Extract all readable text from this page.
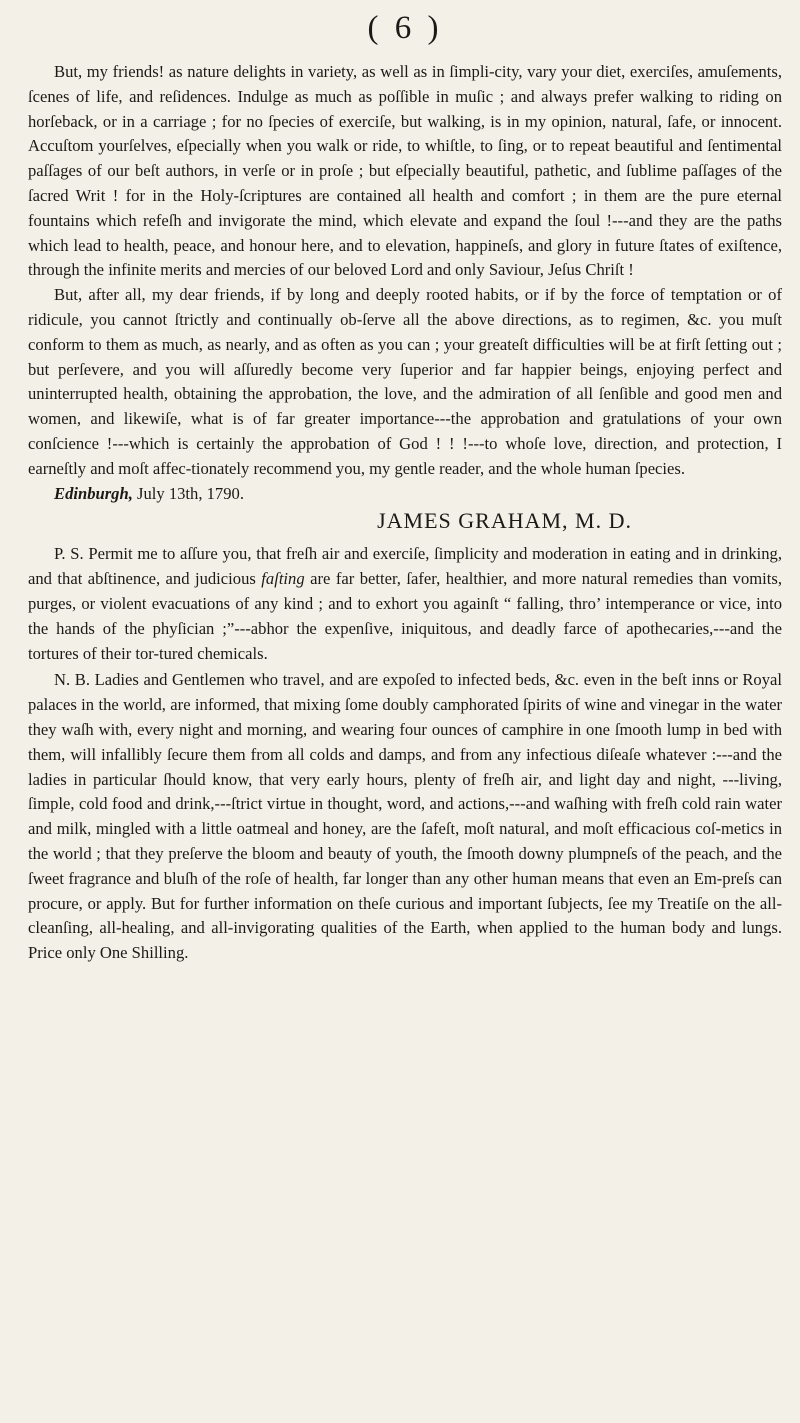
( 6 )

But, my friends! as nature delights in variety, as well as in ſimpli-city, vary your diet, exerciſes, amuſements, ſcenes of life, and reſidences. Indulge as much as poſſible in muſic ; and always prefer walking to riding on horſeback, or in a carriage ; for no ſpecies of exerciſe, but walking, is in my opinion, natural, ſafe, or innocent. Accuſtom yourſelves, eſpecially when you walk or ride, to whiſtle, to ſing, or to repeat beautiful and ſentimental paſſages of our beſt authors, in verſe or in proſe ; but eſpecially beautiful, pathetic, and ſublime paſſages of the ſacred Writ ! for in the Holy-ſcriptures are contained all health and comfort ; in them are the pure eternal fountains which refeſh and invigorate the mind, which elevate and expand the ſoul !---and they are the paths which lead to health, peace, and honour here, and to elevation, happineſs, and glory in future ſtates of exiſtence, through the infinite merits and mercies of our beloved Lord and only Saviour, Jeſus Chriſt !

But, after all, my dear friends, if by long and deeply rooted habits, or if by the force of temptation or of ridicule, you cannot ſtrictly and continually ob-ſerve all the above directions, as to regimen, &c. you muſt conform to them as much, as nearly, and as often as you can ; your greateſt difficulties will be at firſt ſetting out ; but perſevere, and you will aſſuredly become very ſuperior and far happier beings, enjoying perfect and uninterrupted health, obtaining the approbation, the love, and the admiration of all ſenſible and good men and women, and likewiſe, what is of far greater importance---the approbation and gratulations of your own conſcience !---which is certainly the approbation of God ! ! !---to whoſe love, direction, and protection, I earneſtly and moſt affec-tionately recommend you, my gentle reader, and the whole human ſpecies.

Edinburgh, July 13th, 1790.

JAMES GRAHAM, M. D.

P. S. Permit me to aſſure you, that freſh air and exerciſe, ſimplicity and moderation in eating and in drinking, and that abſtinence, and judicious faſting are far better, ſafer, healthier, and more natural remedies than vomits, purges, or violent evacuations of any kind ; and to exhort you againſt “ falling, thro’ intemperance or vice, into the hands of the phyſician ;”---abhor the expenſive, iniquitous, and deadly farce of apothecaries,---and the tortures of their tor-tured chemicals.

N. B. Ladies and Gentlemen who travel, and are expoſed to infected beds, &c. even in the beſt inns or Royal palaces in the world, are informed, that mixing ſome doubly camphorated ſpirits of wine and vinegar in the water they waſh with, every night and morning, and wearing four ounces of camphire in one ſmooth lump in bed with them, will infallibly ſecure them from all colds and damps, and from any infectious diſeaſe whatever :---and the ladies in particular ſhould know, that very early hours, plenty of freſh air, and light day and night, ---living, ſimple, cold food and drink,---ſtrict virtue in thought, word, and actions,---and waſhing with freſh cold rain water and milk, mingled with a little oatmeal and honey, are the ſafeſt, moſt natural, and moſt efficacious coſ-metics in the world ; that they preſerve the bloom and beauty of youth, the ſmooth downy plumpneſs of the peach, and the ſweet fragrance and bluſh of the roſe of health, far longer than any other human means that even an Em-preſs can procure, or apply. But for further information on theſe curious and important ſubjects, ſee my Treatiſe on the all-cleanſing, all-healing, and all-invigorating qualities of the Earth, when applied to the human body and lungs. Price only One Shilling.
